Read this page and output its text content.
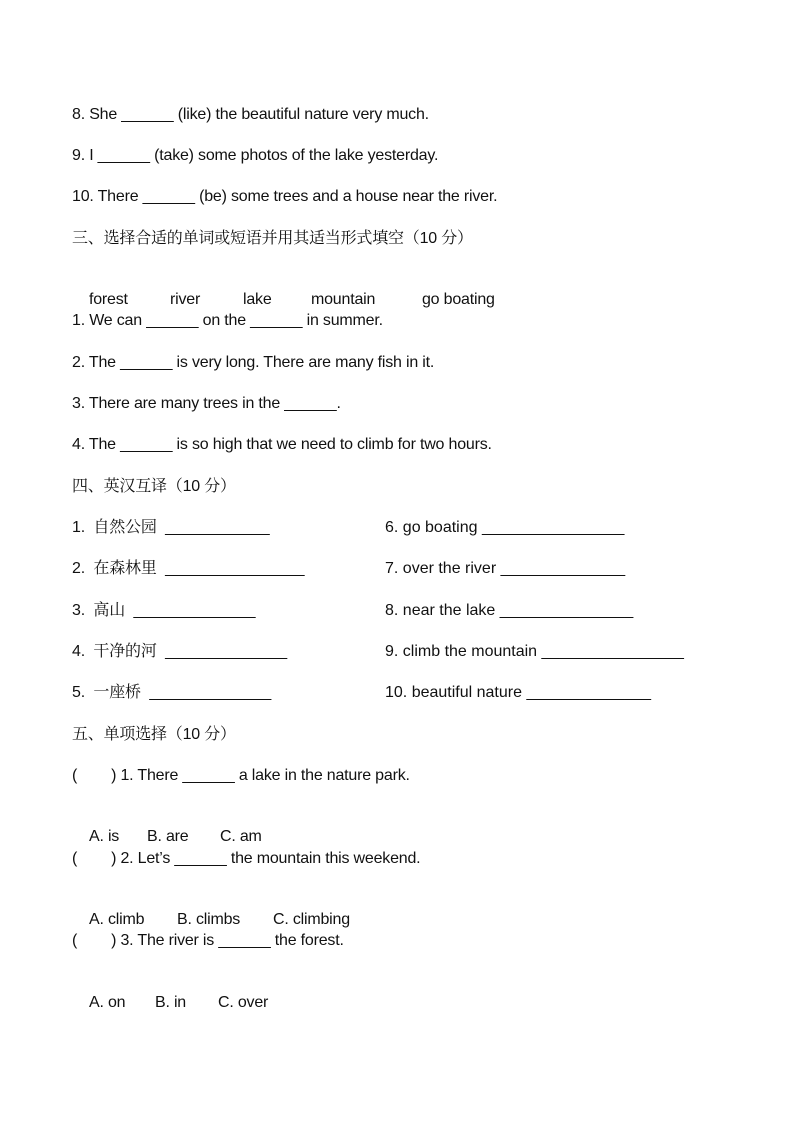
8. She ______ (like) the beautiful nature very much.
9. I ______ (take) some photos of the lake yesterday.
10. There ______ (be) some trees and a house near the river.
三、选择合适的单词或短语并用其适当形式填空（10 分）

forest	river	lake mountain	go boating

1. We can ______ on the ______ in summer.
2. The ______ is very long. There are many fish in it.
3. There are many trees in the ______.
4. The ______ is so high that we need to climb for two hours.
四、英汉互译（10 分）
1.  自然公园  ____________	6. go boating ________________
2.  在森林里  ________________	7. over the river ______________
3.  高山  ______________	8. near the lake _______________
4.  干净的河  ______________	9. climb the mountain ________________
5.  一座桥  ______________	10. beautiful nature ______________
五、单项选择（10 分）
(        ) 1. There ______ a lake in the nature park.

A. is B. are C. am

(        ) 2. Let’s ______ the mountain this weekend.

A. climb B. climbs C. climbing

(        ) 3. The river is ______ the forest.

A. on B. in C. over
